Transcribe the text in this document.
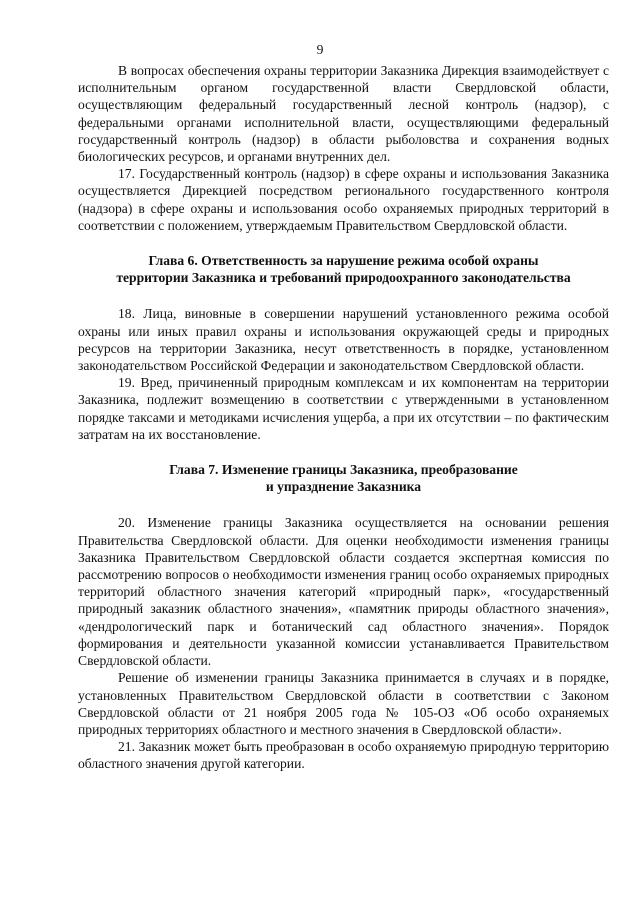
9

В вопросах обеспечения охраны территории Заказника Дирекция взаимодействует с исполнительным органом государственной власти Свердловской области, осуществляющим федеральный государственный лесной контроль (надзор), с федеральными органами исполнительной власти, осуществляющими федеральный государственный контроль (надзор) в области рыболовства и сохранения водных биологических ресурсов, и органами внутренних дел.

17. Государственный контроль (надзор) в сфере охраны и использования Заказника осуществляется Дирекцией посредством регионального государственного контроля (надзора) в сфере охраны и использования особо охраняемых природных территорий в соответствии с положением, утверждаемым Правительством Свердловской области.

Глава 6. Ответственность за нарушение режима особой охраны
территории Заказника и требований природоохранного законодательства

18. Лица, виновные в совершении нарушений установленного режима особой охраны или иных правил охраны и использования окружающей среды и природных ресурсов на территории Заказника, несут ответственность в порядке, установленном законодательством Российской Федерации и законодательством Свердловской области.

19. Вред, причиненный природным комплексам и их компонентам на территории Заказника, подлежит возмещению в соответствии с утвержденными в установленном порядке таксами и методиками исчисления ущерба, а при их отсутствии – по фактическим затратам на их восстановление.

Глава 7. Изменение границы Заказника, преобразование
и упразднение Заказника

20. Изменение границы Заказника осуществляется на основании решения Правительства Свердловской области. Для оценки необходимости изменения границы Заказника Правительством Свердловской области создается экспертная комиссия по рассмотрению вопросов о необходимости изменения границ особо охраняемых природных территорий областного значения категорий «природный парк», «государственный природный заказник областного значения», «памятник природы областного значения», «дендрологический парк и ботанический сад областного значения». Порядок формирования и деятельности указанной комиссии устанавливается Правительством Свердловской области.

Решение об изменении границы Заказника принимается в случаях и в порядке, установленных Правительством Свердловской области в соответствии с Законом Свердловской области от 21 ноября 2005 года № 105-ОЗ «Об особо охраняемых природных территориях областного и местного значения в Свердловской области».

21. Заказник может быть преобразован в особо охраняемую природную территорию областного значения другой категории.
